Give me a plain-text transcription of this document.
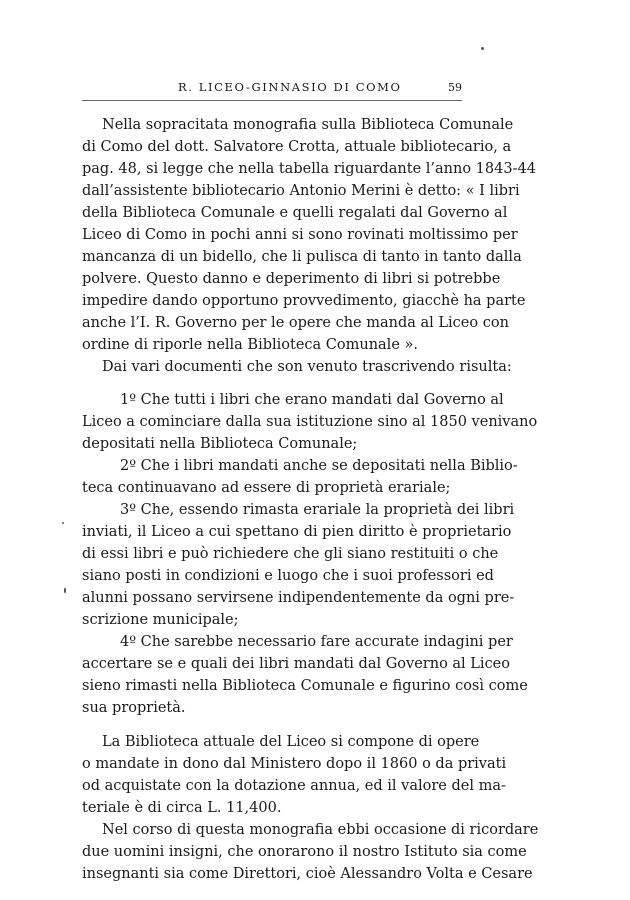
R. LICEO-GINNASIO DI COMO	59
Nella sopracitata monografia sulla Biblioteca Comunale
di Como del dott. Salvatore Crotta, attuale bibliotecario, a
pag. 48, si legge che nella tabella riguardante l’anno 1843-44
dall’assistente bibliotecario Antonio Merini è detto: « I libri
della Biblioteca Comunale e quelli regalati dal Governo al
Liceo di Como in pochi anni si sono rovinati moltissimo per
mancanza di un bidello, che li pulisca di tanto in tanto dalla
polvere. Questo danno e deperimento di libri si potrebbe
impedire dando opportuno provvedimento, giacchè ha parte
anche l’I. R. Governo per le opere che manda al Liceo con
ordine di riporle nella Biblioteca Comunale ».
Dai vari documenti che son venuto trascrivendo risulta:
1º Che tutti i libri che erano mandati dal Governo al
Liceo a cominciare dalla sua istituzione sino al 1850 venivano
depositati nella Biblioteca Comunale;
2º Che i libri mandati anche se depositati nella Biblio-
teca continuavano ad essere di proprietà erariale;
3º Che, essendo rimasta erariale la proprietà dei libri
inviati, il Liceo a cui spettano di pien diritto è proprietario
di essi libri e può richiedere che gli siano restituiti o che
siano posti in condizioni e luogo che i suoi professori ed
alunni possano servirsene indipendentemente da ogni pre-
scrizione municipale;
4º Che sarebbe necessario fare accurate indagini per
accertare se e quali dei libri mandati dal Governo al Liceo
sieno rimasti nella Biblioteca Comunale e figurino così come
sua proprietà.
La Biblioteca attuale del Liceo si compone di opere
o mandate in dono dal Ministero dopo il 1860 o da privati
od acquistate con la dotazione annua, ed il valore del ma-
teriale è di circa L. 11,400.
Nel corso di questa monografia ebbi occasione di ricordare
due uomini insigni, che onorarono il nostro Istituto sia come
insegnanti sia come Direttori, cioè Alessandro Volta e Cesare
